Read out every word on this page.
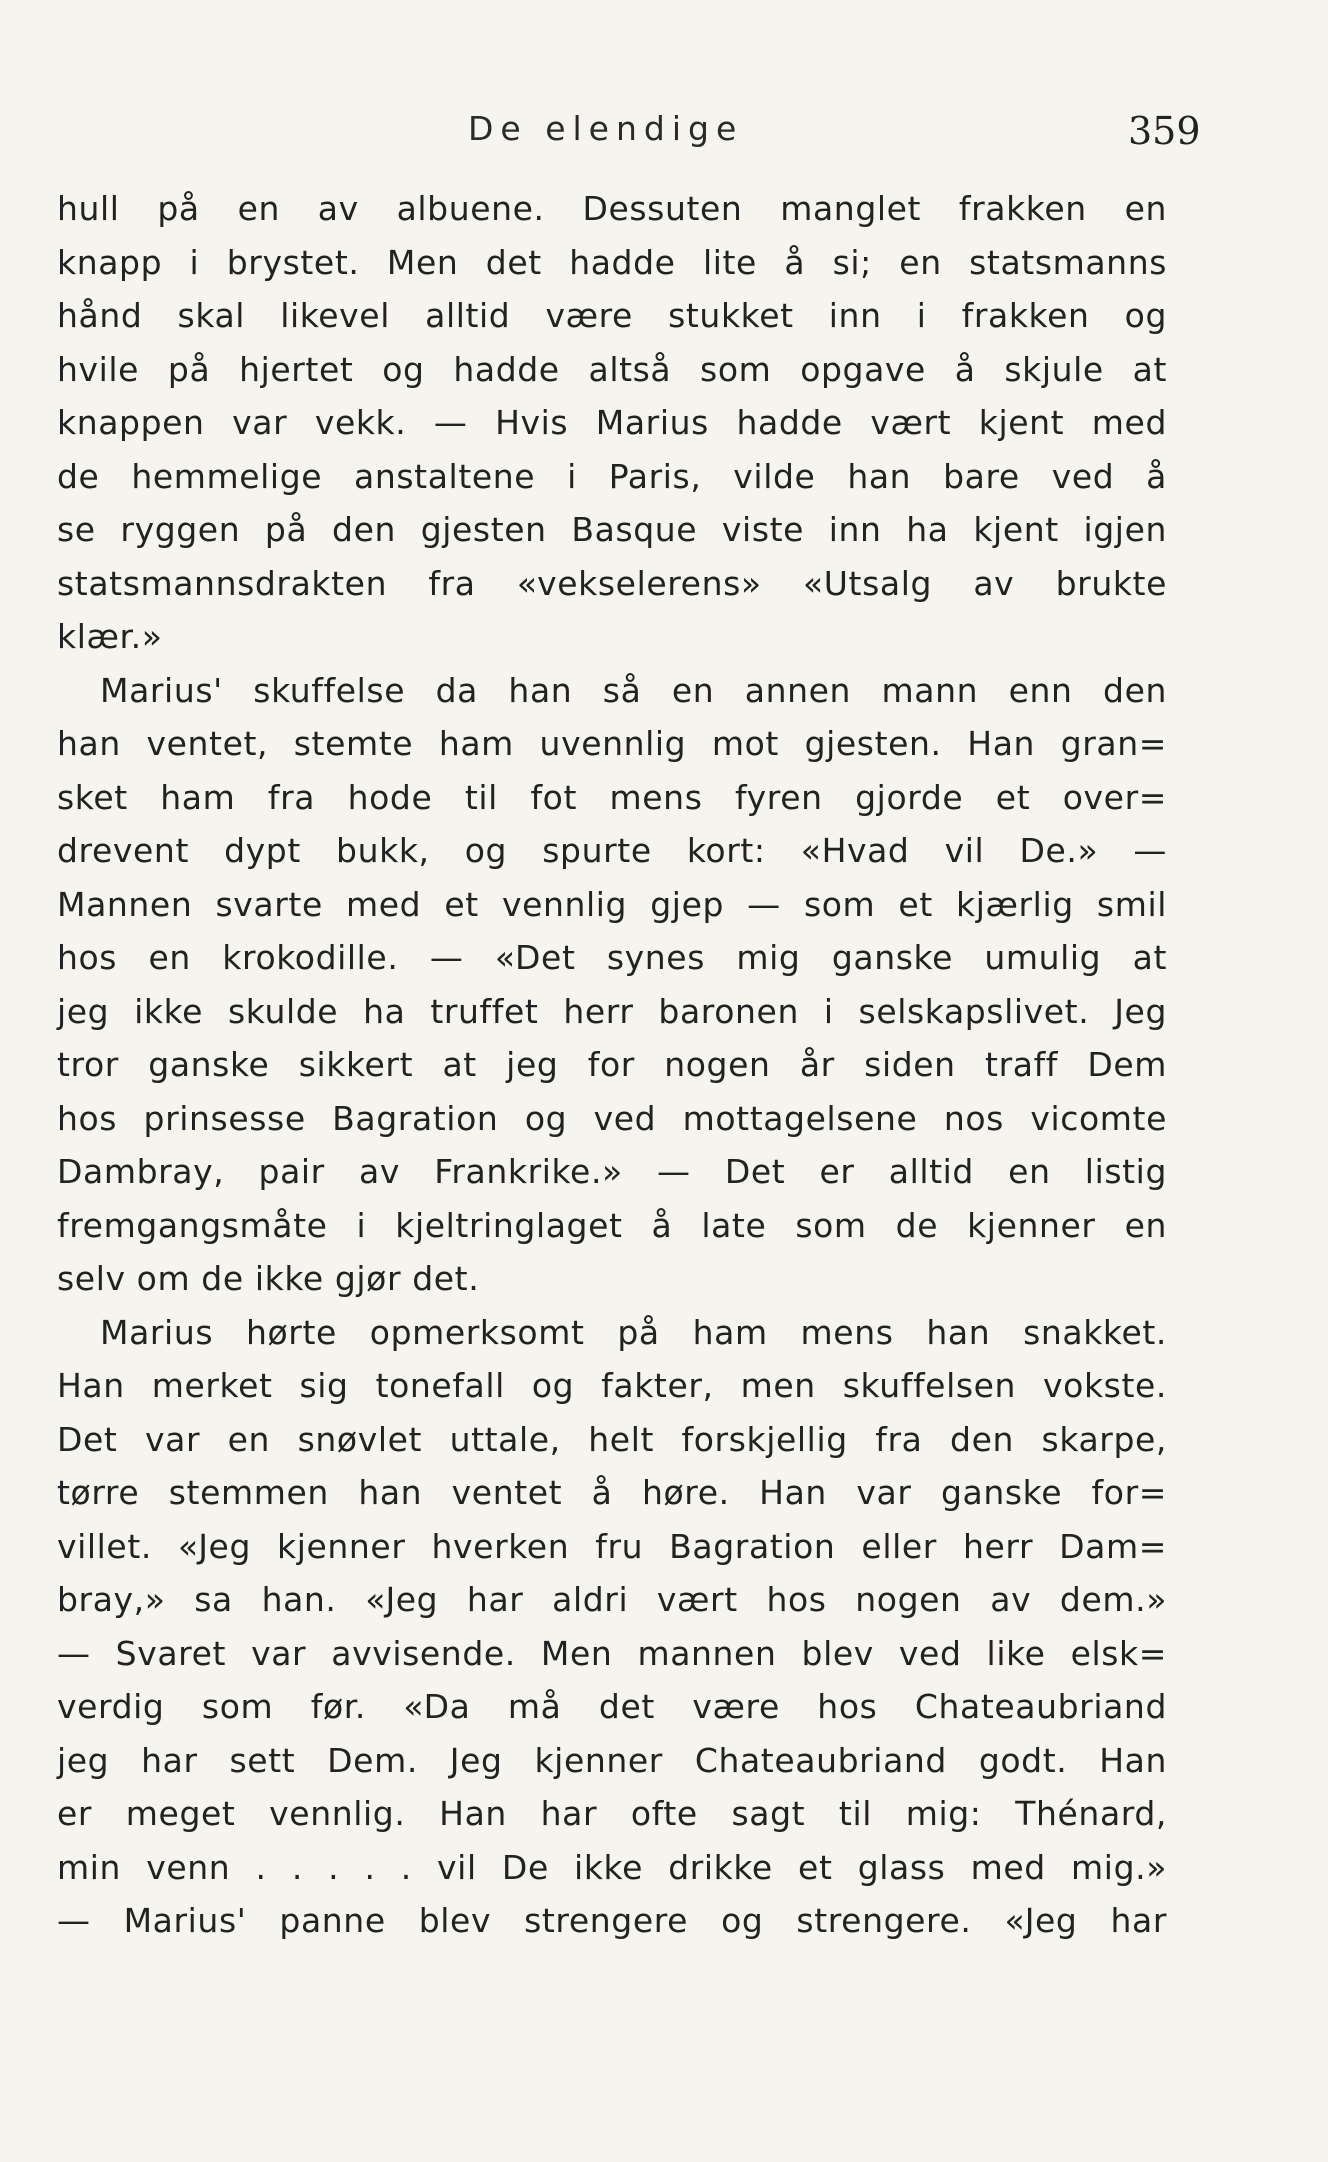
De elendige	359
hull på en av albuene. Dessuten manglet frakken en
knapp i brystet. Men det hadde lite å si; en statsmanns
hånd skal likevel alltid være stukket inn i frakken og
hvile på hjertet og hadde altså som opgave å skjule at
knappen var vekk. — Hvis Marius hadde vært kjent med
de hemmelige anstaltene i Paris, vilde han bare ved å
se ryggen på den gjesten Basque viste inn ha kjent igjen
statsmannsdrakten fra «vekselerens» «Utsalg av brukte
klær.»
Marius' skuffelse da han så en annen mann enn den
han ventet, stemte ham uvennlig mot gjesten. Han gran=
sket ham fra hode til fot mens fyren gjorde et over=
drevent dypt bukk, og spurte kort: «Hvad vil De.» —
Mannen svarte med et vennlig gjep — som et kjærlig smil
hos en krokodille. — «Det synes mig ganske umulig at
jeg ikke skulde ha truffet herr baronen i selskapslivet. Jeg
tror ganske sikkert at jeg for nogen år siden traff Dem
hos prinsesse Bagration og ved mottagelsene nos vicomte
Dambray, pair av Frankrike.» — Det er alltid en listig
fremgangsmåte i kjeltringlaget å late som de kjenner en
selv om de ikke gjør det.
Marius hørte opmerksomt på ham mens han snakket.
Han merket sig tonefall og fakter, men skuffelsen vokste.
Det var en snøvlet uttale, helt forskjellig fra den skarpe,
tørre stemmen han ventet å høre. Han var ganske for=
villet. «Jeg kjenner hverken fru Bagration eller herr Dam=
bray,» sa han. «Jeg har aldri vært hos nogen av dem.»
— Svaret var avvisende. Men mannen blev ved like elsk=
verdig som før. «Da må det være hos Chateaubriand
jeg har sett Dem. Jeg kjenner Chateaubriand godt. Han
er meget vennlig. Han har ofte sagt til mig: Thénard,
min venn . . . . . vil De ikke drikke et glass med mig.»
— Marius' panne blev strengere og strengere. «Jeg har
